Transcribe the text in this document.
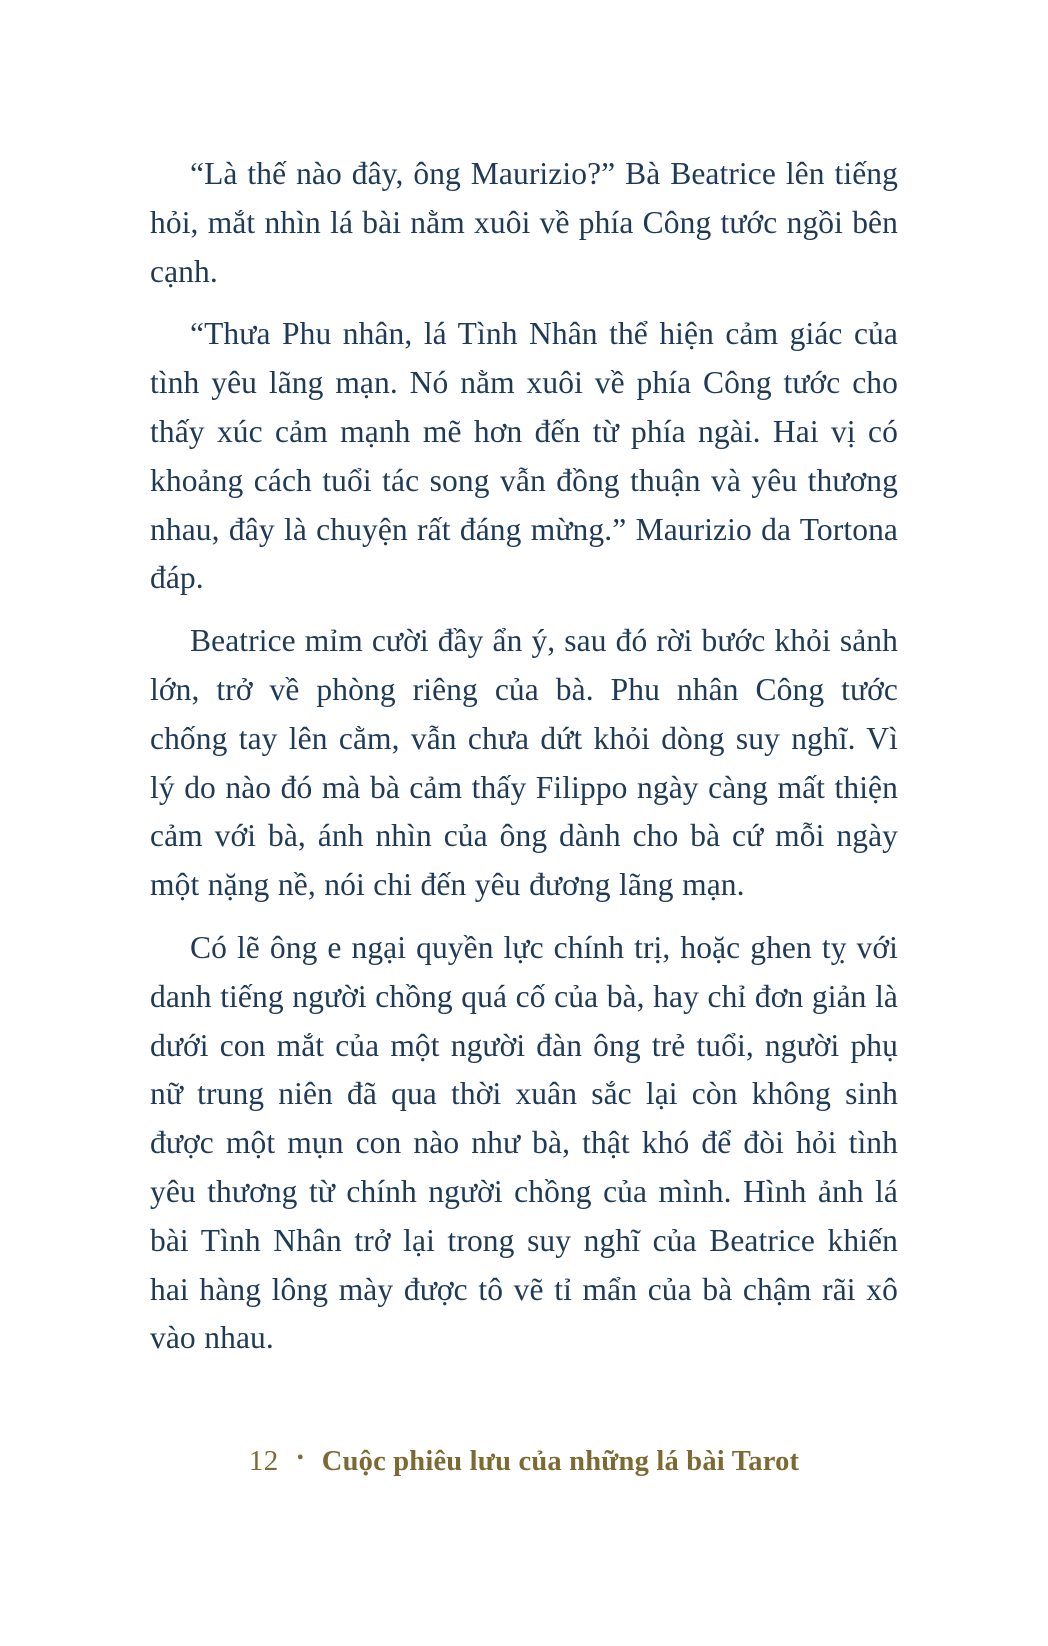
“Là thế nào đây, ông Maurizio?” Bà Beatrice lên tiếng hỏi, mắt nhìn lá bài nằm xuôi về phía Công tước ngồi bên cạnh.

“Thưa Phu nhân, lá Tình Nhân thể hiện cảm giác của tình yêu lãng mạn. Nó nằm xuôi về phía Công tước cho thấy xúc cảm mạnh mẽ hơn đến từ phía ngài. Hai vị có khoảng cách tuổi tác song vẫn đồng thuận và yêu thương nhau, đây là chuyện rất đáng mừng.” Maurizio da Tortona đáp.

Beatrice mỉm cười đầy ẩn ý, sau đó rời bước khỏi sảnh lớn, trở về phòng riêng của bà. Phu nhân Công tước chống tay lên cằm, vẫn chưa dứt khỏi dòng suy nghĩ. Vì lý do nào đó mà bà cảm thấy Filippo ngày càng mất thiện cảm với bà, ánh nhìn của ông dành cho bà cứ mỗi ngày một nặng nề, nói chi đến yêu đương lãng mạn.

Có lẽ ông e ngại quyền lực chính trị, hoặc ghen tỵ với danh tiếng người chồng quá cố của bà, hay chỉ đơn giản là dưới con mắt của một người đàn ông trẻ tuổi, người phụ nữ trung niên đã qua thời xuân sắc lại còn không sinh được một mụn con nào như bà, thật khó để đòi hỏi tình yêu thương từ chính người chồng của mình. Hình ảnh lá bài Tình Nhân trở lại trong suy nghĩ của Beatrice khiến hai hàng lông mày được tô vẽ tỉ mẩn của bà chậm rãi xô vào nhau.

12 • Cuộc phiêu lưu của những lá bài Tarot
